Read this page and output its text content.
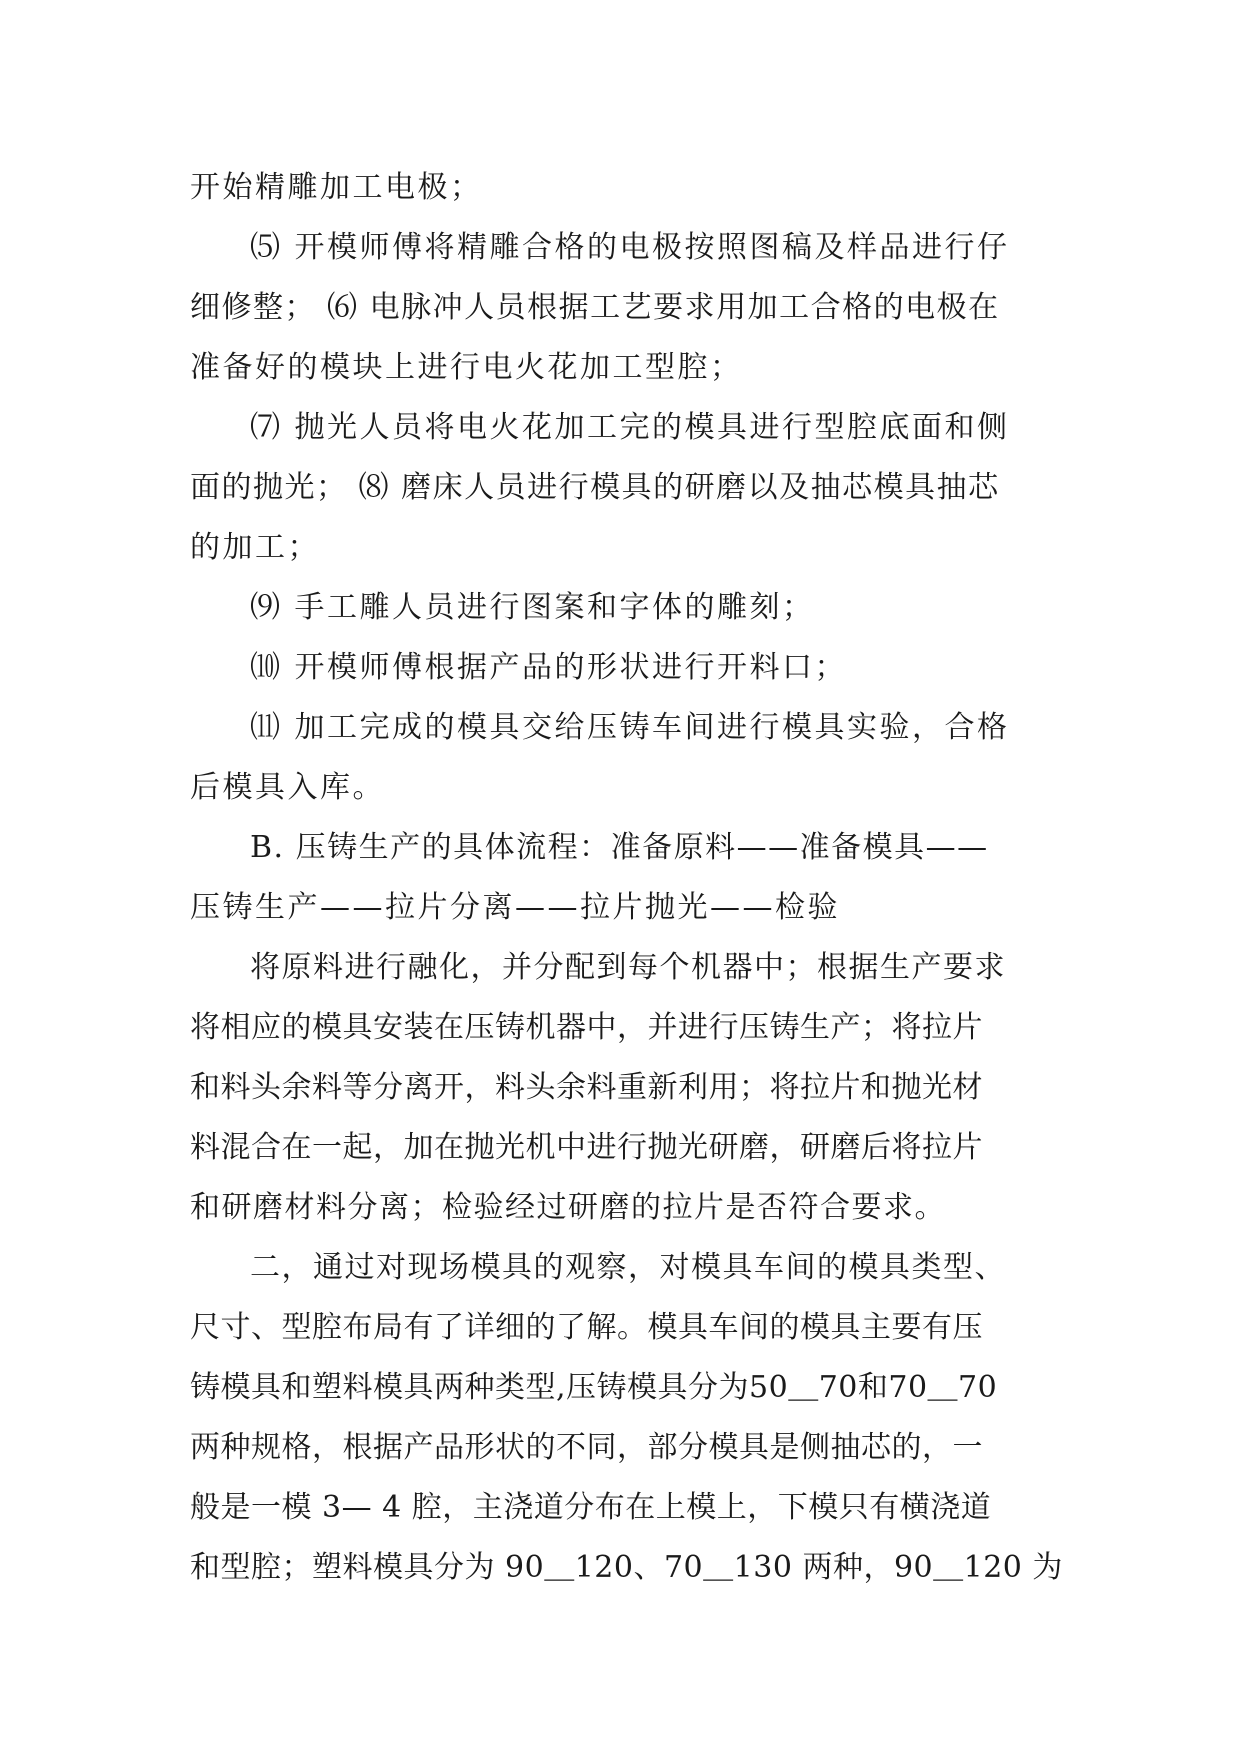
开始精雕加工电极；
⑸ 开模师傅将精雕合格的电极按照图稿及样品进行仔
细修整； ⑹ 电脉冲人员根据工艺要求用加工合格的电极在
准备好的模块上进行电火花加工型腔；
⑺ 抛光人员将电火花加工完的模具进行型腔底面和侧
面的抛光； ⑻ 磨床人员进行模具的研磨以及抽芯模具抽芯
的加工；
⑼ 手工雕人员进行图案和字体的雕刻；
⑽ 开模师傅根据产品的形状进行开料口；
⑾ 加工完成的模具交给压铸车间进行模具实验，合格
后模具入库。
B. 压铸生产的具体流程：准备原料——准备模具——
压铸生产——拉片分离——拉片抛光——检验
将原料进行融化，并分配到每个机器中；根据生产要求
将相应的模具安装在压铸机器中，并进行压铸生产；将拉片
和料头余料等分离开，料头余料重新利用；将拉片和抛光材
料混合在一起，加在抛光机中进行抛光研磨，研磨后将拉片
和研磨材料分离；检验经过研磨的拉片是否符合要求。
二，通过对现场模具的观察，对模具车间的模具类型、
尺寸、型腔布局有了详细的了解。模具车间的模具主要有压
铸模具和塑料模具两种类型,压铸模具分为50＿70和70＿70
两种规格，根据产品形状的不同，部分模具是侧抽芯的，一
般是一模 3— 4 腔，主浇道分布在上模上，下模只有横浇道
和型腔；塑料模具分为 90＿120、70＿130 两种，90＿120 为
